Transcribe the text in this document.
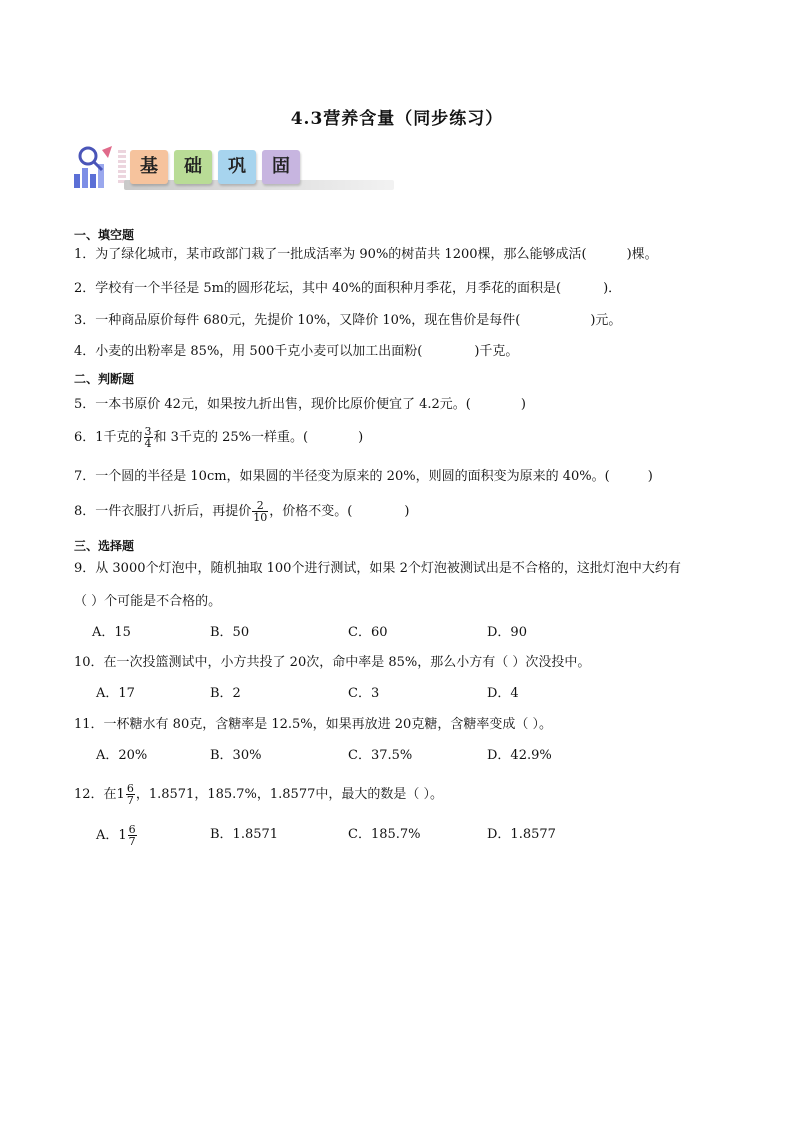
4.3营养含量（同步练习）
基	础	巩	固
一、填空题
1．为了绿化城市，某市政部门栽了一批成活率为 90%的树苗共 1200棵，那么能够成活(	)棵。
2．学校有一个半径是 5m的圆形花坛，其中 40%的面积种月季花，月季花的面积是(	)．
3．一种商品原价每件 680元，先提价 10%，又降价 10%，现在售价是每件(	)元。
4．小麦的出粉率是 85%，用 500千克小麦可以加工出面粉(	)千克。
二、判断题
5．一本书原价 42元，如果按九折出售，现价比原价便宜了 4.2元。(	)
6．1千克的 $\frac{3}{4}$ 和 3千克的 25%一样重。(	)
7．一个圆的半径是 10cm，如果圆的半径变为原来的 20%，则圆的面积变为原来的 40%。(	)
8．一件衣服打八折后，再提价 $\frac{2}{10}$ ，价格不变。(	)
三、选择题
9．从 3000个灯泡中，随机抽取 100个进行测试，如果 2个灯泡被测试出是不合格的，这批灯泡中大约有
（ ）个可能是不合格的。
A．15	B．50	C．60	D．90
10．在一次投篮测试中，小方共投了 20次，命中率是 85%，那么小方有（ ）次没投中。
A．17	B．2	C．3	D．4
11．一杯糖水有 80克，含糖率是 12.5%，如果再放进 20克糖，含糖率变成（ ）。
A．20%	B．30%	C．37.5%	D．42.9%
12．在$1 \frac{6}{7}$ ，1.8571，185.7%，1.8577中，最大的数是（ ）。
A．$1 \frac{6}{7}$	B．1.8571	C．185.7%	D．1.8577
